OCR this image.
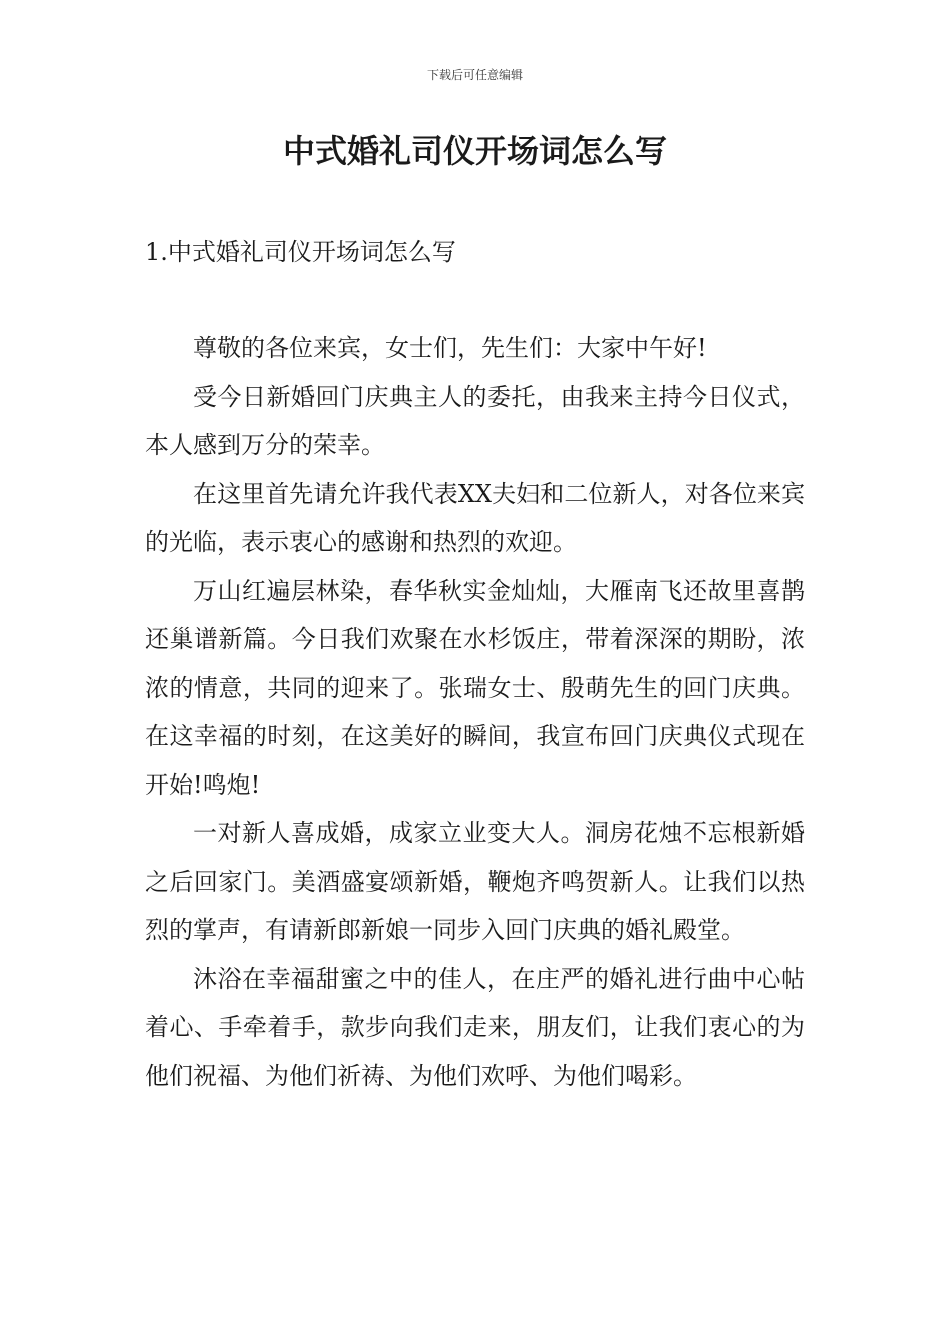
下载后可任意编辑
中式婚礼司仪开场词怎么写
1.中式婚礼司仪开场词怎么写

尊敬的各位来宾，女士们，先生们：大家中午好!

受今日新婚回门庆典主人的委托，由我来主持今日仪式，本人感到万分的荣幸。

在这里首先请允许我代表XX夫妇和二位新人，对各位来宾的光临，表示衷心的感谢和热烈的欢迎。

万山红遍层林染，春华秋实金灿灿，大雁南飞还故里喜鹊还巢谱新篇。今日我们欢聚在水杉饭庄，带着深深的期盼，浓浓的情意，共同的迎来了。张瑞女士、殷萌先生的回门庆典。在这幸福的时刻，在这美好的瞬间，我宣布回门庆典仪式现在开始!鸣炮!

一对新人喜成婚，成家立业变大人。洞房花烛不忘根新婚之后回家门。美酒盛宴颂新婚，鞭炮齐鸣贺新人。让我们以热烈的掌声，有请新郎新娘一同步入回门庆典的婚礼殿堂。

沐浴在幸福甜蜜之中的佳人，在庄严的婚礼进行曲中心帖着心、手牵着手，款步向我们走来，朋友们，让我们衷心的为他们祝福、为他们祈祷、为他们欢呼、为他们喝彩。
